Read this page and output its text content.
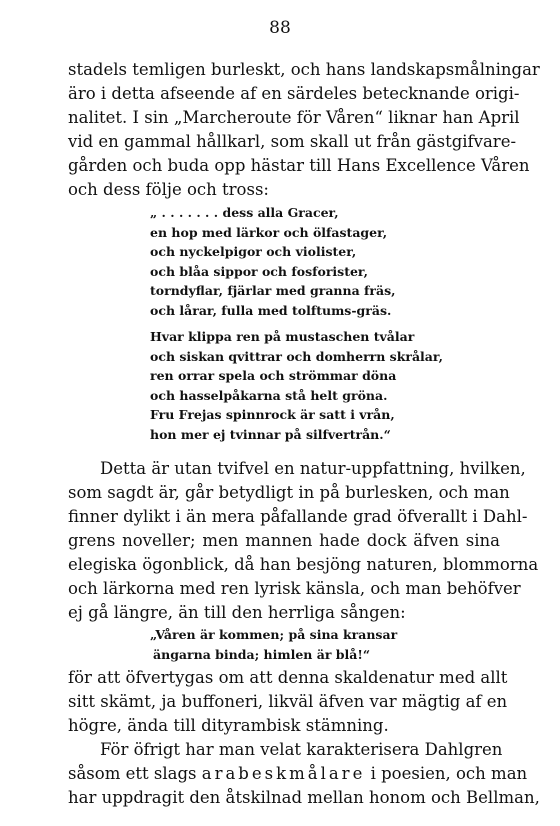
88

stadels temligen burleskt, och hans landskapsmålningar
äro i detta afseende af en särdeles betecknande origi-
nalitet. I sin „Marcheroute för Våren“ liknar han April
vid en gammal hållkarl, som skall ut från gästgifvare-
gården och buda opp hästar till Hans Excellence Våren
och dess följe och tross:

„ . . . . . . . dess alla Gracer,
en hop med lärkor och ölfastager,
och nyckelpigor och violister,
och blåa sippor och fosforister,
torndyflar, fjärlar med granna fräs,
och lårar, fulla med tolftums-gräs.
Hvar klippa ren på mustaschen tvålar
och siskan qvittrar och domherrn skrålar,
ren orrar spela och strömmar döna
och hasselpåkarna stå helt gröna.
Fru Frejas spinnrock är satt i vrån,
hon mer ej tvinnar på silfvertrån.“

Detta är utan tvifvel en natur-uppfattning, hvilken,
som sagdt är, går betydligt in på burlesken, och man
finner dylikt i än mera påfallande grad öfverallt i Dahl-
grens noveller; men mannen hade dock äfven sina
elegiska ögonblick, då han besjöng naturen, blommorna
och lärkorna med ren lyrisk känsla, och man behöfver
ej gå längre, än till den herrliga sången:

„Våren är kommen; på sina kransar
ängarna binda; himlen är blå!“

för att öfvertygas om att denna skaldenatur med allt
sitt skämt, ja buffoneri, likväl äfven var mägtig af en
högre, ända till dityrambisk stämning.

För öfrigt har man velat karakterisera Dahlgren
såsom ett slags arabeskmålare i poesien, och man
har uppdragit den åtskilnad mellan honom och Bellman,
